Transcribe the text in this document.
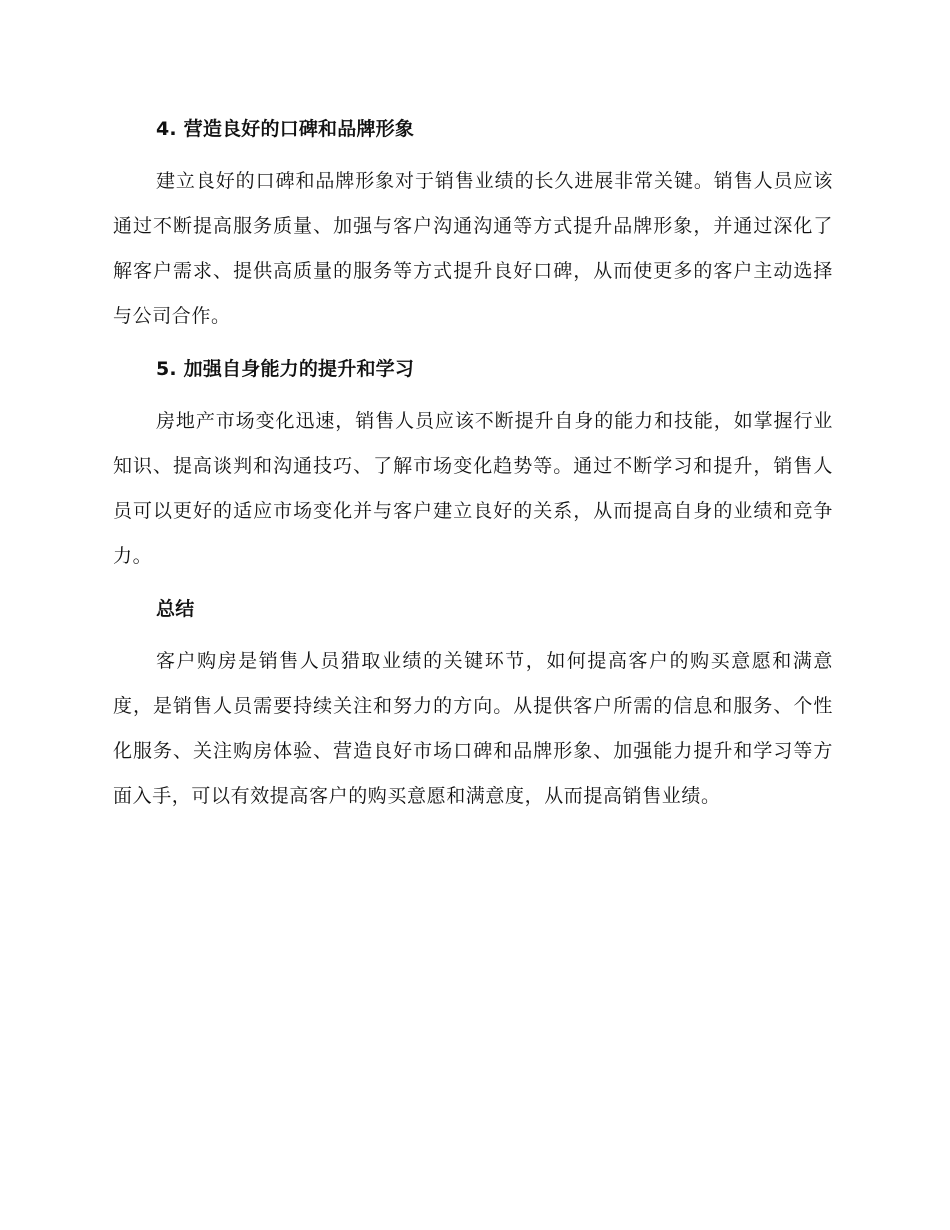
4. 营造良好的口碑和品牌形象

建立良好的口碑和品牌形象对于销售业绩的长久进展非常关键。销售人员应该通过不断提高服务质量、加强与客户沟通沟通等方式提升品牌形象，并通过深化了解客户需求、提供高质量的服务等方式提升良好口碑，从而使更多的客户主动选择与公司合作。

5. 加强自身能力的提升和学习

房地产市场变化迅速，销售人员应该不断提升自身的能力和技能，如掌握行业知识、提高谈判和沟通技巧、了解市场变化趋势等。通过不断学习和提升，销售人员可以更好的适应市场变化并与客户建立良好的关系，从而提高自身的业绩和竞争力。

总结

客户购房是销售人员猎取业绩的关键环节，如何提高客户的购买意愿和满意度，是销售人员需要持续关注和努力的方向。从提供客户所需的信息和服务、个性化服务、关注购房体验、营造良好市场口碑和品牌形象、加强能力提升和学习等方面入手，可以有效提高客户的购买意愿和满意度，从而提高销售业绩。
